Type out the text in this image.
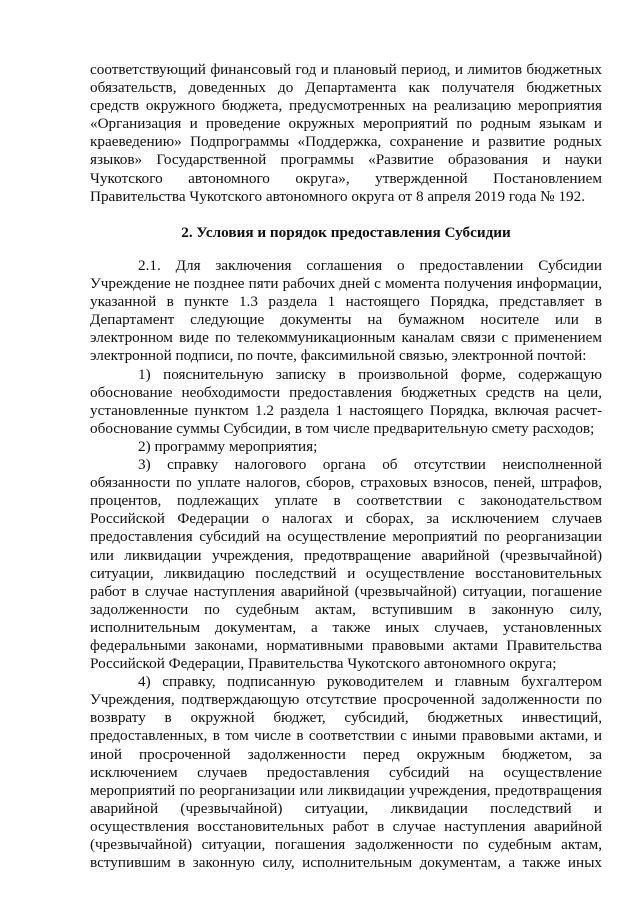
соответствующий финансовый год и плановый период, и лимитов бюджетных

обязательств, доведенных до Департамента как получателя бюджетных

средств окружного бюджета, предусмотренных на реализацию мероприятия

«Организация и проведение окружных мероприятий по родным языкам и

краеведению» Подпрограммы «Поддержка, сохранение и развитие родных

языков» Государственной программы «Развитие образования и науки

Чукотского автономного округа», утвержденной Постановлением

Правительства Чукотского автономного округа от 8 апреля 2019 года № 192.

2. Условия и порядок предоставления Субсидии

2.1. Для заключения соглашения о предоставлении Субсидии

Учреждение не позднее пяти рабочих дней с момента получения информации,

указанной в пункте 1.3 раздела 1 настоящего Порядка, представляет в

Департамент следующие документы на бумажном носителе или в

электронном виде по телекоммуникационным каналам связи с применением

электронной подписи, по почте, факсимильной связью, электронной почтой:

1) пояснительную записку в произвольной форме, содержащую

обоснование необходимости предоставления бюджетных средств на цели,

установленные пунктом 1.2 раздела 1 настоящего Порядка, включая расчет-

обоснование суммы Субсидии, в том числе предварительную смету расходов;

2) программу мероприятия;

3) справку налогового органа об отсутствии неисполненной

обязанности по уплате налогов, сборов, страховых взносов, пеней, штрафов,

процентов, подлежащих уплате в соответствии с законодательством

Российской Федерации о налогах и сборах, за исключением случаев

предоставления субсидий на осуществление мероприятий по реорганизации

или ликвидации учреждения, предотвращение аварийной (чрезвычайной)

ситуации, ликвидацию последствий и осуществление восстановительных

работ в случае наступления аварийной (чрезвычайной) ситуации, погашение

задолженности по судебным актам, вступившим в законную силу,

исполнительным документам, а также иных случаев, установленных

федеральными законами, нормативными правовыми актами Правительства

Российской Федерации, Правительства Чукотского автономного округа;

4) справку, подписанную руководителем и главным бухгалтером

Учреждения, подтверждающую отсутствие просроченной задолженности по

возврату в окружной бюджет, субсидий, бюджетных инвестиций,

предоставленных, в том числе в соответствии с иными правовыми актами, и

иной просроченной задолженности перед окружным бюджетом, за

исключением случаев предоставления субсидий на осуществление

мероприятий по реорганизации или ликвидации учреждения, предотвращения

аварийной (чрезвычайной) ситуации, ликвидации последствий и

осуществления восстановительных работ в случае наступления аварийной

(чрезвычайной) ситуации, погашения задолженности по судебным актам,

вступившим в законную силу, исполнительным документам, а также иных
